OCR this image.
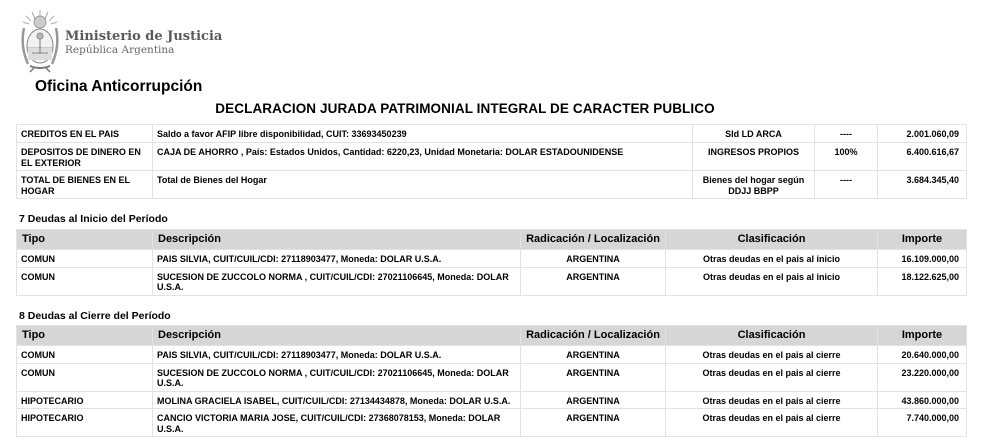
Ministerio de Justicia
República Argentina
Oficina Anticorrupción
DECLARACION JURADA PATRIMONIAL INTEGRAL DE CARACTER PUBLICO
CREDITOS EN EL PAIS	Saldo a favor AFIP libre disponibilidad, CUIT: 33693450239	Sld LD ARCA	----	2.001.060,09
DEPOSITOS DE DINERO EN EL EXTERIOR	CAJA DE AHORRO , País: Estados Unidos, Cantidad: 6220,23, Unidad Monetaria: DOLAR ESTADOUNIDENSE	INGRESOS PROPIOS	100%	6.400.616,67
TOTAL DE BIENES EN EL HOGAR	Total de Bienes del Hogar	Bienes del hogar según DDJJ BBPP	----	3.684.345,40
7 Deudas al Inicio del Período
Tipo	Descripción	Radicación / Localización	Clasificación	Importe
COMUN	PAIS SILVIA, CUIT/CUIL/CDI: 27118903477, Moneda: DOLAR U.S.A.	ARGENTINA	Otras deudas en el pais al inicio	16.109.000,00
COMUN	SUCESION DE ZUCCOLO NORMA , CUIT/CUIL/CDI: 27021106645, Moneda: DOLAR U.S.A.	ARGENTINA	Otras deudas en el pais al inicio	18.122.625,00
8 Deudas al Cierre del Período
Tipo	Descripción	Radicación / Localización	Clasificación	Importe
COMUN	PAIS SILVIA, CUIT/CUIL/CDI: 27118903477, Moneda: DOLAR U.S.A.	ARGENTINA	Otras deudas en el pais al cierre	20.640.000,00
COMUN	SUCESION DE ZUCCOLO NORMA , CUIT/CUIL/CDI: 27021106645, Moneda: DOLAR U.S.A.	ARGENTINA	Otras deudas en el pais al cierre	23.220.000,00
HIPOTECARIO	MOLINA GRACIELA ISABEL, CUIT/CUIL/CDI: 27134434878, Moneda: DOLAR U.S.A.	ARGENTINA	Otras deudas en el pais al cierre	43.860.000,00
HIPOTECARIO	CANCIO VICTORIA MARIA JOSE, CUIT/CUIL/CDI: 27368078153, Moneda: DOLAR U.S.A.	ARGENTINA	Otras deudas en el pais al cierre	7.740.000,00
